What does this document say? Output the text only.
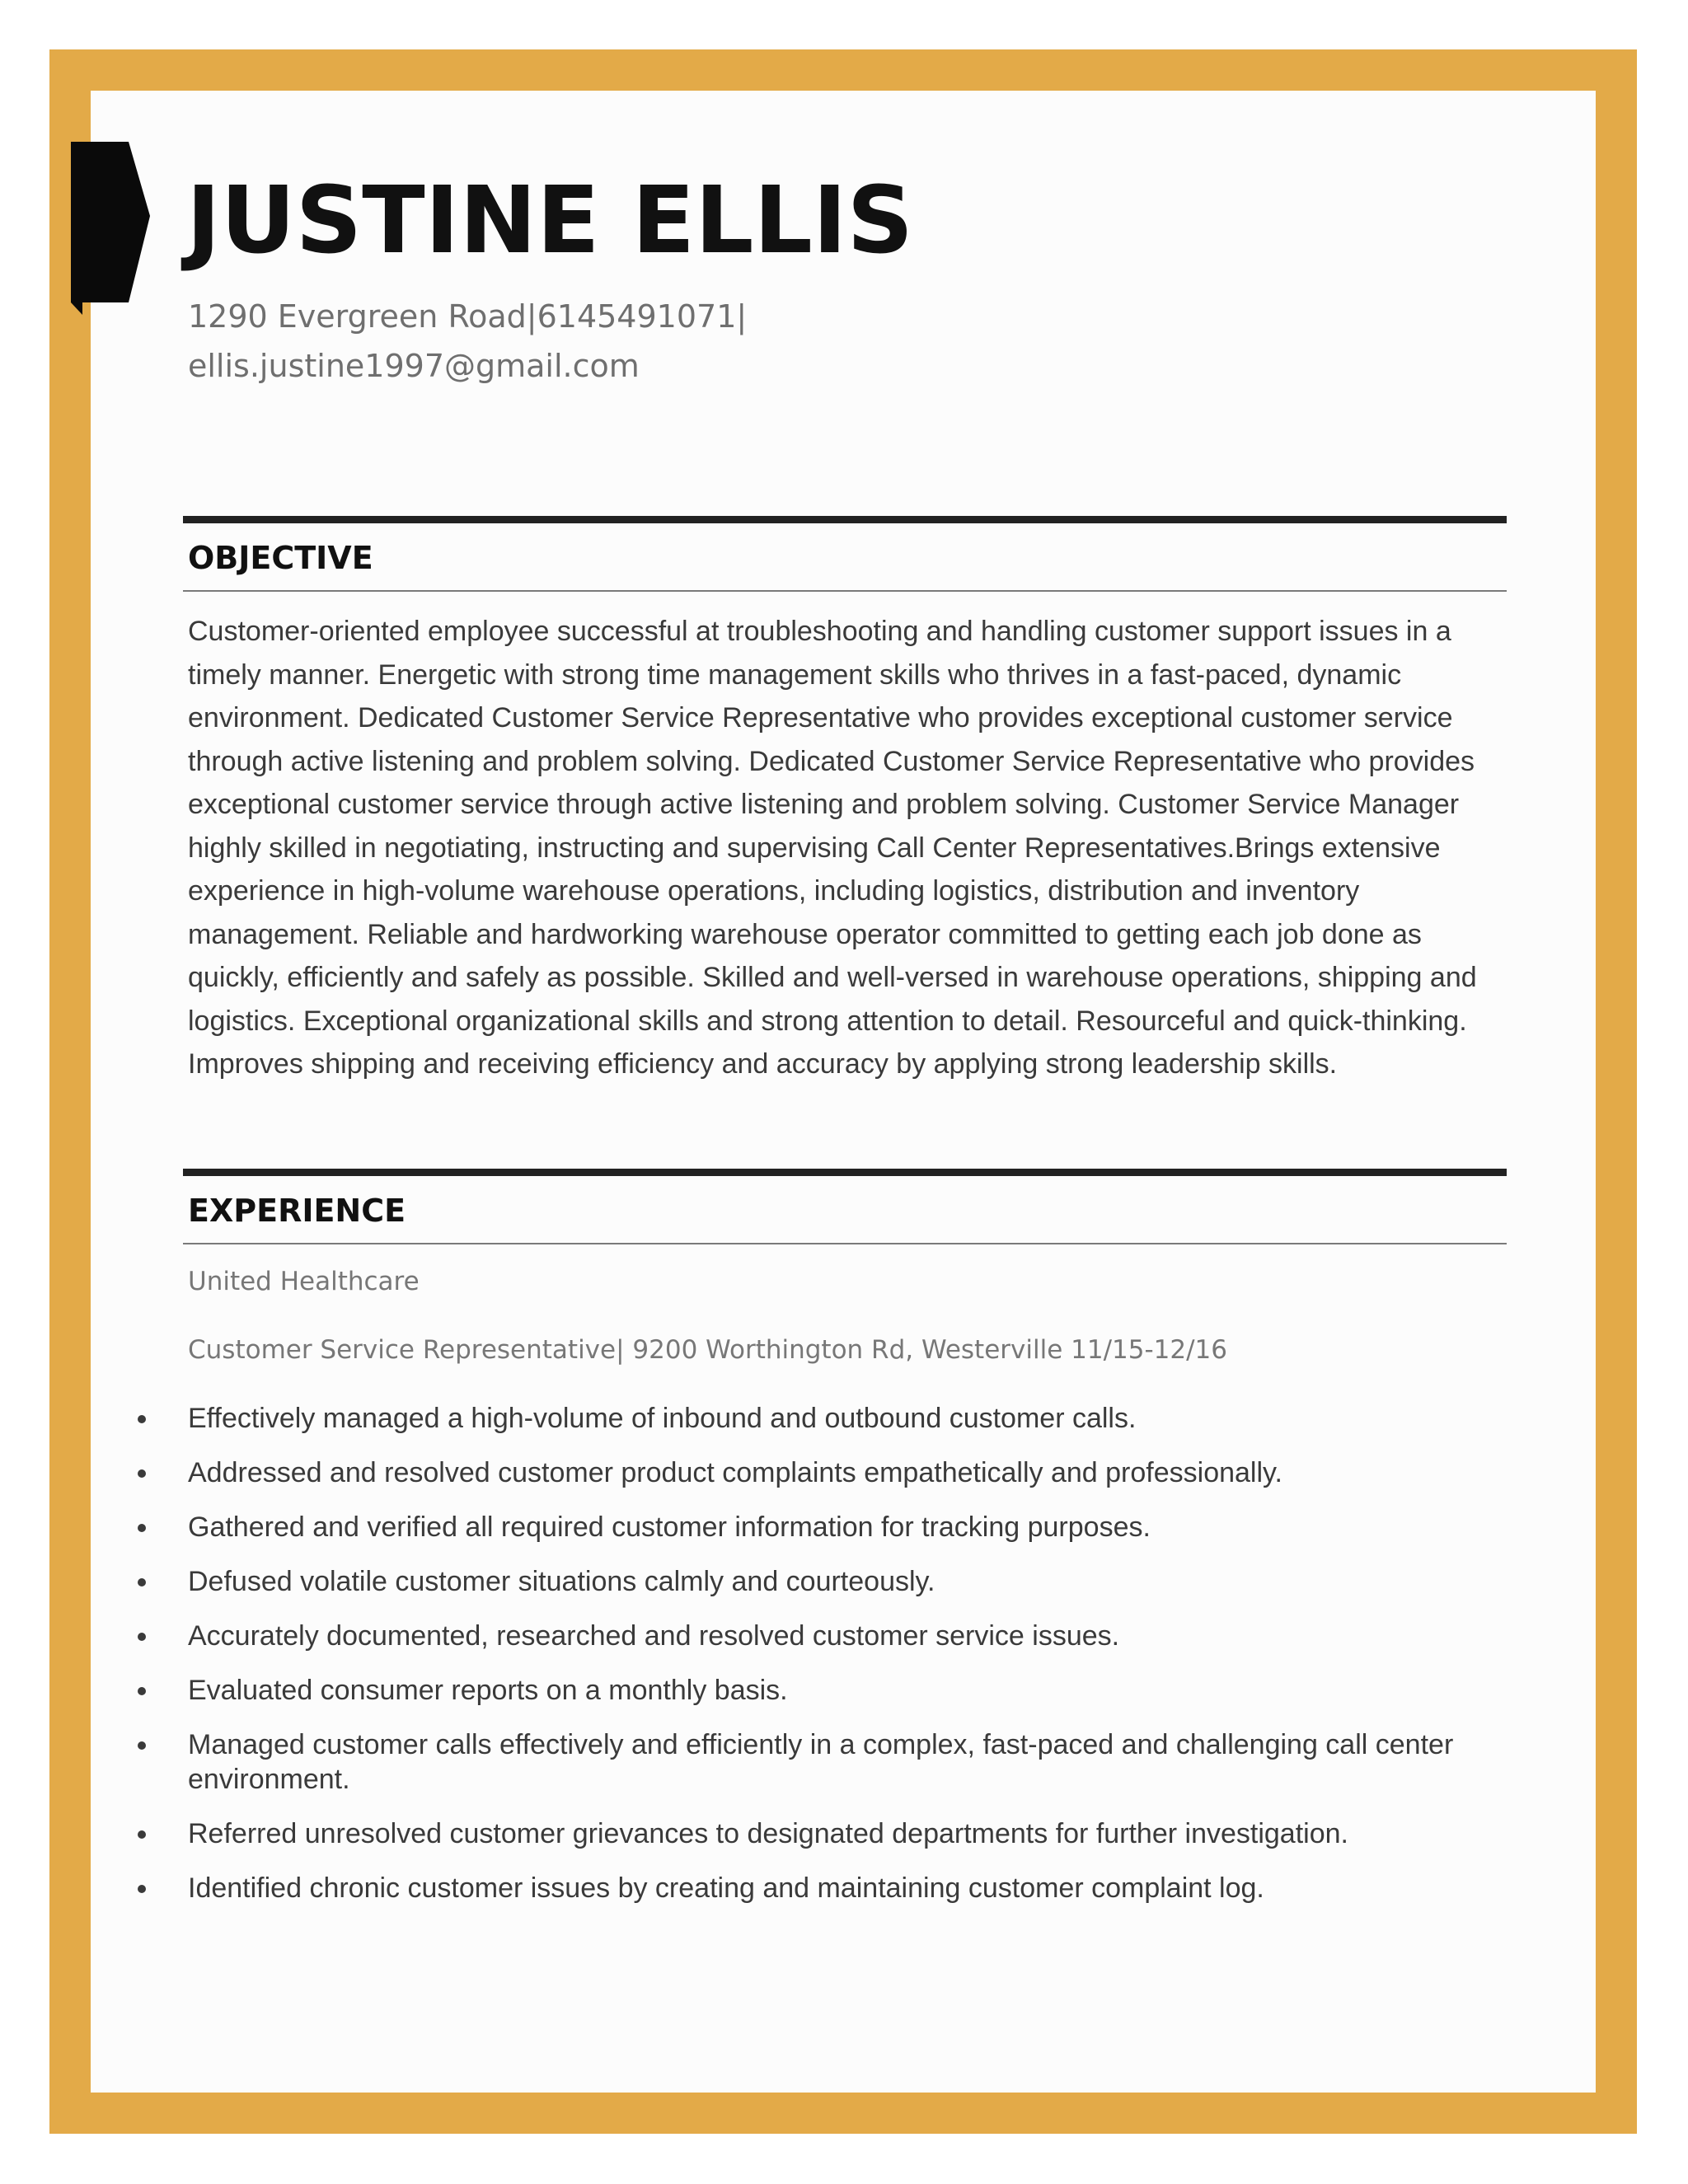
JUSTINE ELLIS
1290 Evergreen Road|6145491071|
ellis.justine1997@gmail.com
OBJECTIVE

Customer-oriented employee successful at troubleshooting and handling customer support issues in a timely manner. Energetic with strong time management skills who thrives in a fast-paced, dynamic environment. Dedicated Customer Service Representative who provides exceptional customer service through active listening and problem solving. Dedicated Customer Service Representative who provides exceptional customer service through active listening and problem solving. Customer Service Manager highly skilled in negotiating, instructing and supervising Call Center Representatives.Brings extensive experience in high-volume warehouse operations, including logistics, distribution and inventory management. Reliable and hardworking warehouse operator committed to getting each job done as quickly, efficiently and safely as possible. Skilled and well-versed in warehouse operations, shipping and logistics. Exceptional organizational skills and strong attention to detail. Resourceful and quick-thinking. Improves shipping and receiving efficiency and accuracy by applying strong leadership skills.

EXPERIENCE
United Healthcare
Customer Service Representative| 9200 Worthington Rd, Westerville 11/15-12/16
Effectively managed a high-volume of inbound and outbound customer calls.
Addressed and resolved customer product complaints empathetically and professionally.
Gathered and verified all required customer information for tracking purposes.
Defused volatile customer situations calmly and courteously.
Accurately documented, researched and resolved customer service issues.
Evaluated consumer reports on a monthly basis.
Managed customer calls effectively and efficiently in a complex, fast-paced and challenging call center environment.
Referred unresolved customer grievances to designated departments for further investigation.
Identified chronic customer issues by creating and maintaining customer complaint log.
